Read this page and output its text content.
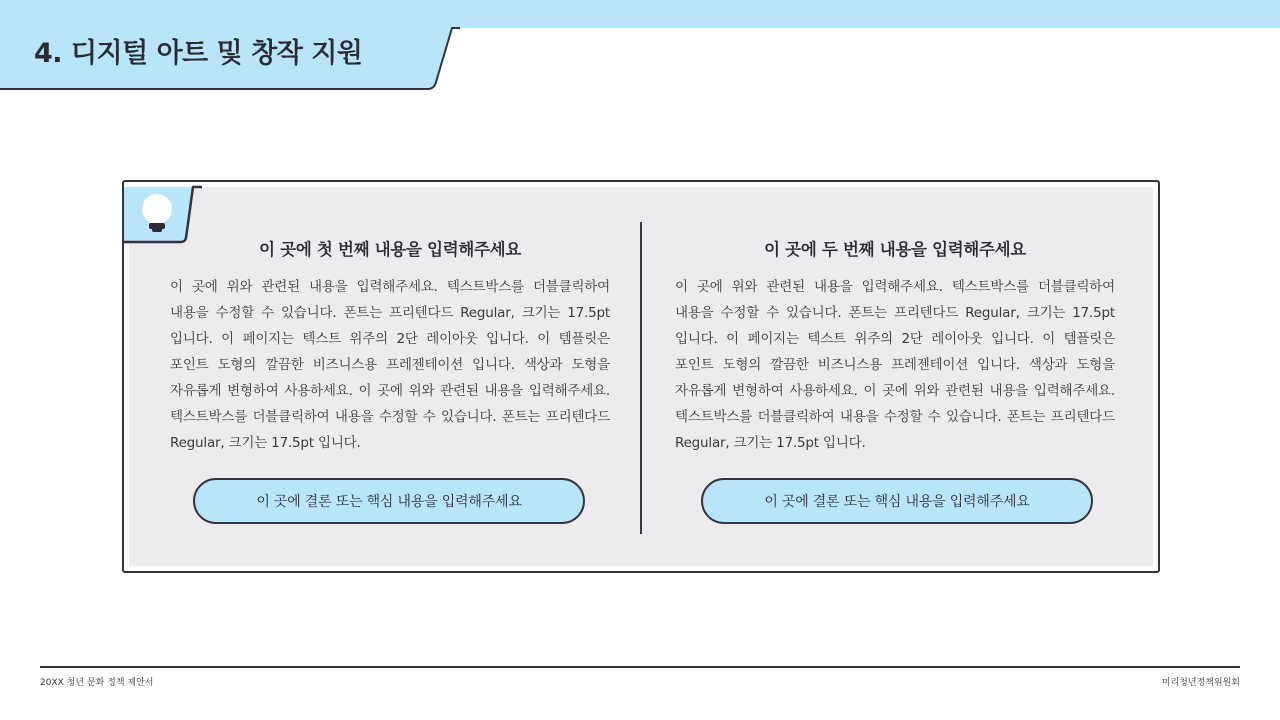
4. 디지털 아트 및 창작 지원
이 곳에 첫 번째 내용을 입력해주세요

이 곳에 위와 관련된 내용을 입력해주세요. 텍스트박스를 더블클릭하여 내용을 수정할 수 있습니다. 폰트는 프리텐다드 Regular, 크기는 17.5pt 입니다. 이 페이지는 텍스트 위주의 2단 레이아웃 입니다. 이 템플릿은 포인트 도형의 깔끔한 비즈니스용 프레젠테이션 입니다. 색상과 도형을 자유롭게 변형하여 사용하세요. 이 곳에 위와 관련된 내용을 입력해주세요. 텍스트박스를 더블클릭하여 내용을 수정할 수 있습니다. 폰트는 프리텐다드 Regular, 크기는 17.5pt 입니다.

이 곳에 두 번째 내용을 입력해주세요

이 곳에 위와 관련된 내용을 입력해주세요. 텍스트박스를 더블클릭하여 내용을 수정할 수 있습니다. 폰트는 프리텐다드 Regular, 크기는 17.5pt 입니다. 이 페이지는 텍스트 위주의 2단 레이아웃 입니다. 이 템플릿은 포인트 도형의 깔끔한 비즈니스용 프레젠테이션 입니다. 색상과 도형을 자유롭게 변형하여 사용하세요. 이 곳에 위와 관련된 내용을 입력해주세요. 텍스트박스를 더블클릭하여 내용을 수정할 수 있습니다. 폰트는 프리텐다드 Regular, 크기는 17.5pt 입니다.

이 곳에 결론 또는 핵심 내용을 입력해주세요	이 곳에 결론 또는 핵심 내용을 입력해주세요
20XX 청년 문화 정책 제안서	미리청년정책위원회
